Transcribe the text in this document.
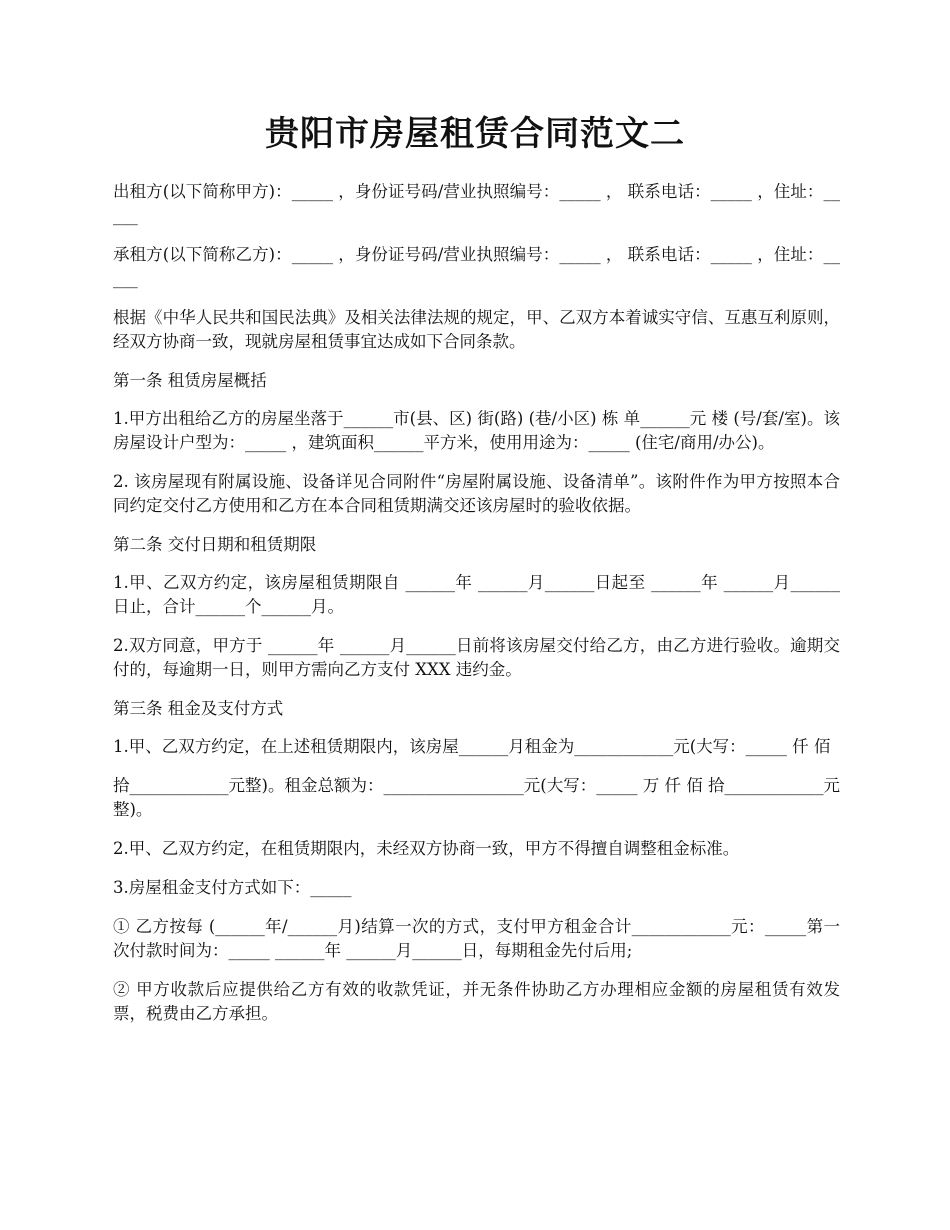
贵阳市房屋租赁合同范文二

出租方(以下简称甲方)：_____ ，身份证号码/营业执照编号：_____ ， 联系电话：_____ ，住址：_____

承租方(以下简称乙方)：_____ ，身份证号码/营业执照编号：_____ ， 联系电话：_____ ，住址：_____

根据《中华人民共和国民法典》及相关法律法规的规定，甲、乙双方本着诚实守信、互惠互利原则，经双方协商一致，现就房屋租赁事宜达成如下合同条款。

第一条 租赁房屋概括

1.甲方出租给乙方的房屋坐落于______市(县、区) 街(路) (巷/小区) 栋 单______元 楼 (号/套/室)。该房屋设计户型为：_____ ，建筑面积______平方米，使用用途为：_____ (住宅/商用/办公)。

2. 该房屋现有附属设施、设备详见合同附件“房屋附属设施、设备清单”。该附件作为甲方按照本合同约定交付乙方使用和乙方在本合同租赁期满交还该房屋时的验收依据。

第二条 交付日期和租赁期限

1.甲、乙双方约定，该房屋租赁期限自 ______年 ______月______日起至 ______年 ______月______日止，合计______个______月。

2.双方同意，甲方于 ______年 ______月______日前将该房屋交付给乙方，由乙方进行验收。逾期交付的，每逾期一日，则甲方需向乙方支付 XXX 违约金。

第三条 租金及支付方式

1.甲、乙双方约定，在上述租赁期限内，该房屋______月租金为____________元(大写：_____ 仟 佰

拾____________元整)。租金总额为：_________________元(大写：_____ 万 仟 佰 拾____________元整)。

2.甲、乙双方约定，在租赁期限内，未经双方协商一致，甲方不得擅自调整租金标准。

3.房屋租金支付方式如下：_____

① 乙方按每 (______年/______月)结算一次的方式，支付甲方租金合计____________元：_____第一次付款时间为：_____ ______年 ______月______日，每期租金先付后用;

② 甲方收款后应提供给乙方有效的收款凭证，并无条件协助乙方办理相应金额的房屋租赁有效发票，税费由乙方承担。
